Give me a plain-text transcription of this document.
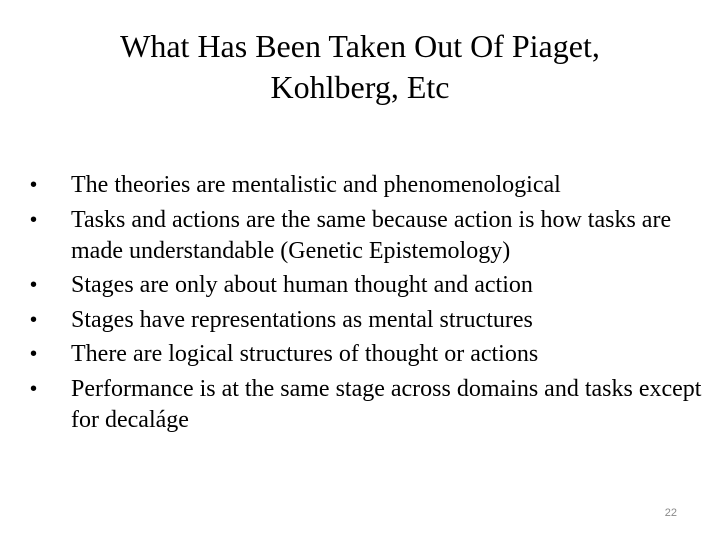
What Has Been Taken Out Of Piaget,
Kohlberg, Etc
•	The theories are mentalistic and phenomenological
•	Tasks and actions are the same because action is how tasks are made understandable (Genetic Epistemology)
•	Stages are only about human thought and action
•	Stages have representations as mental structures
•	There are logical structures of thought or actions
•	Performance is at the same stage across domains and tasks except for decaláge
22
